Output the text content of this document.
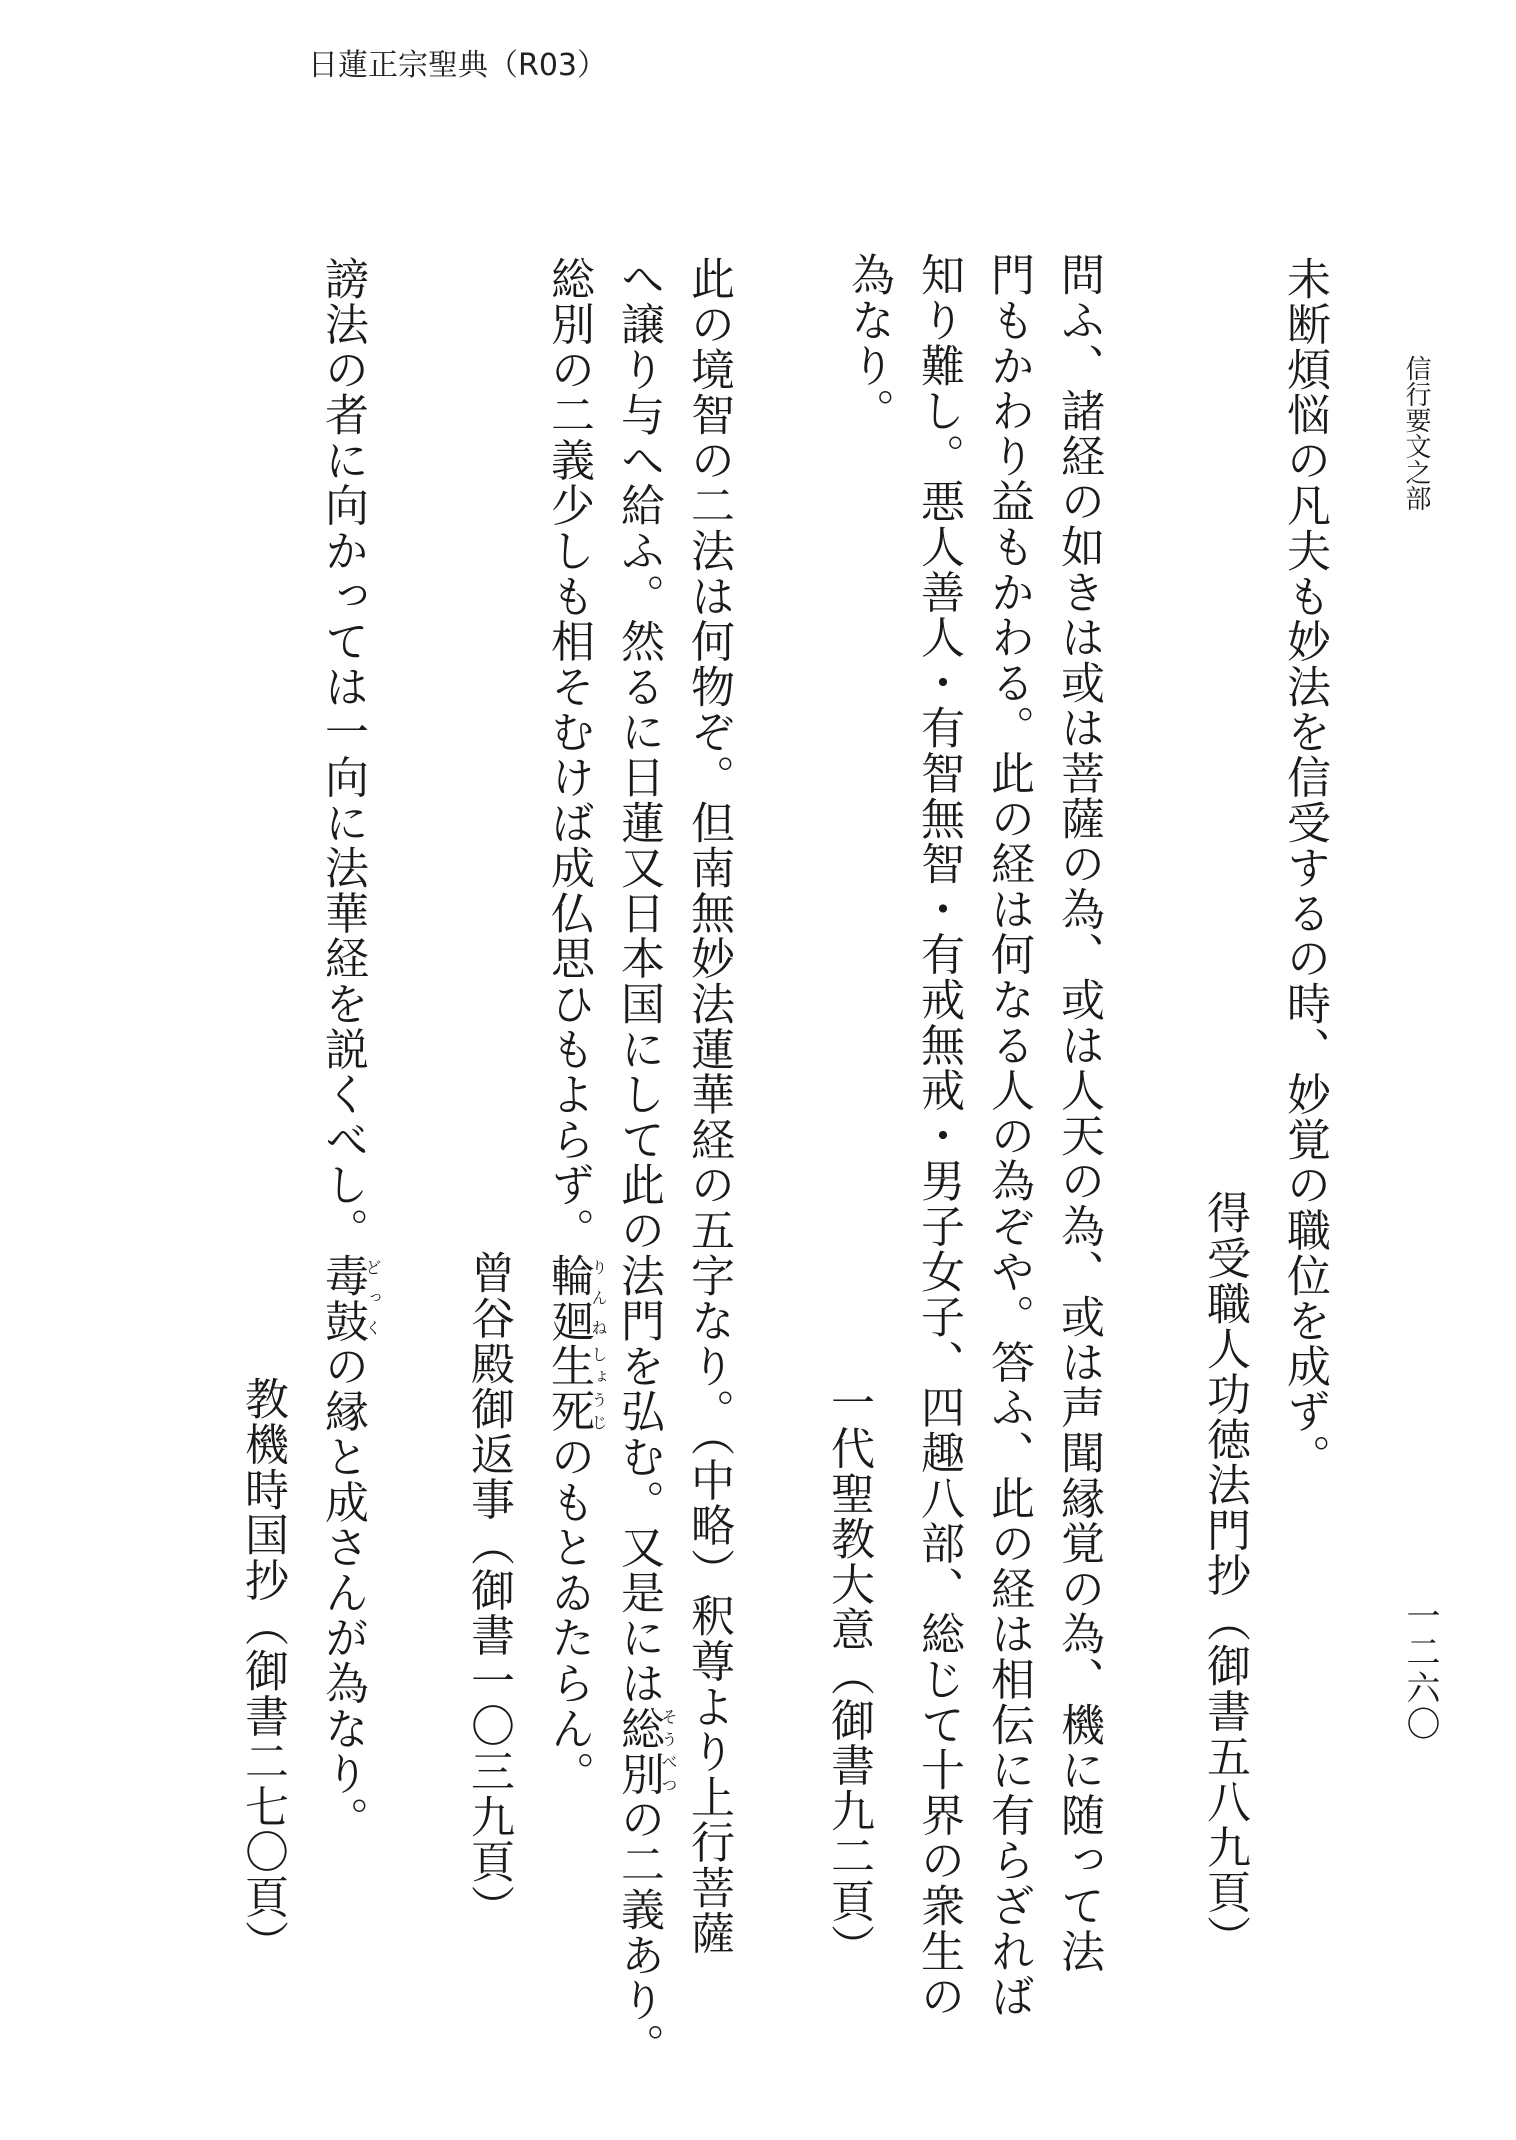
日蓮正宗聖典（R03）
信行要文之部
一二六〇
未断煩悩の凡夫も妙法を信受するの時、妙覚の職位を成ず。
得受職人功徳法門抄（御書五八九頁）
問ふ、諸経の如きは或は菩薩の為、或は人天の為、或は声聞縁覚の為、機に随って法
門もかわり益もかわる。此の経は何なる人の為ぞや。答ふ、此の経は相伝に有らざれば
知り難し。悪人善人・有智無智・有戒無戒・男子女子、四趣八部、総じて十界の衆生の
為なり。
一代聖教大意（御書九二頁）
此の境智の二法は何物ぞ。但南無妙法蓮華経の五字なり。（中略）釈尊より上行菩薩
へ譲り与へ給ふ。然るに日蓮又日本国にして此の法門を弘む。又是には総別そうべつの二義あり。
総別の二義少しも相そむけば成仏思ひもよらず。輪廻りんね生死しょうじのもとゐたらん。
曾谷殿御返事（御書一〇三九頁）
謗法の者に向かっては一向に法華経を説くべし。毒鼓どっくの縁と成さんが為なり。
教機時国抄（御書二七〇頁）
